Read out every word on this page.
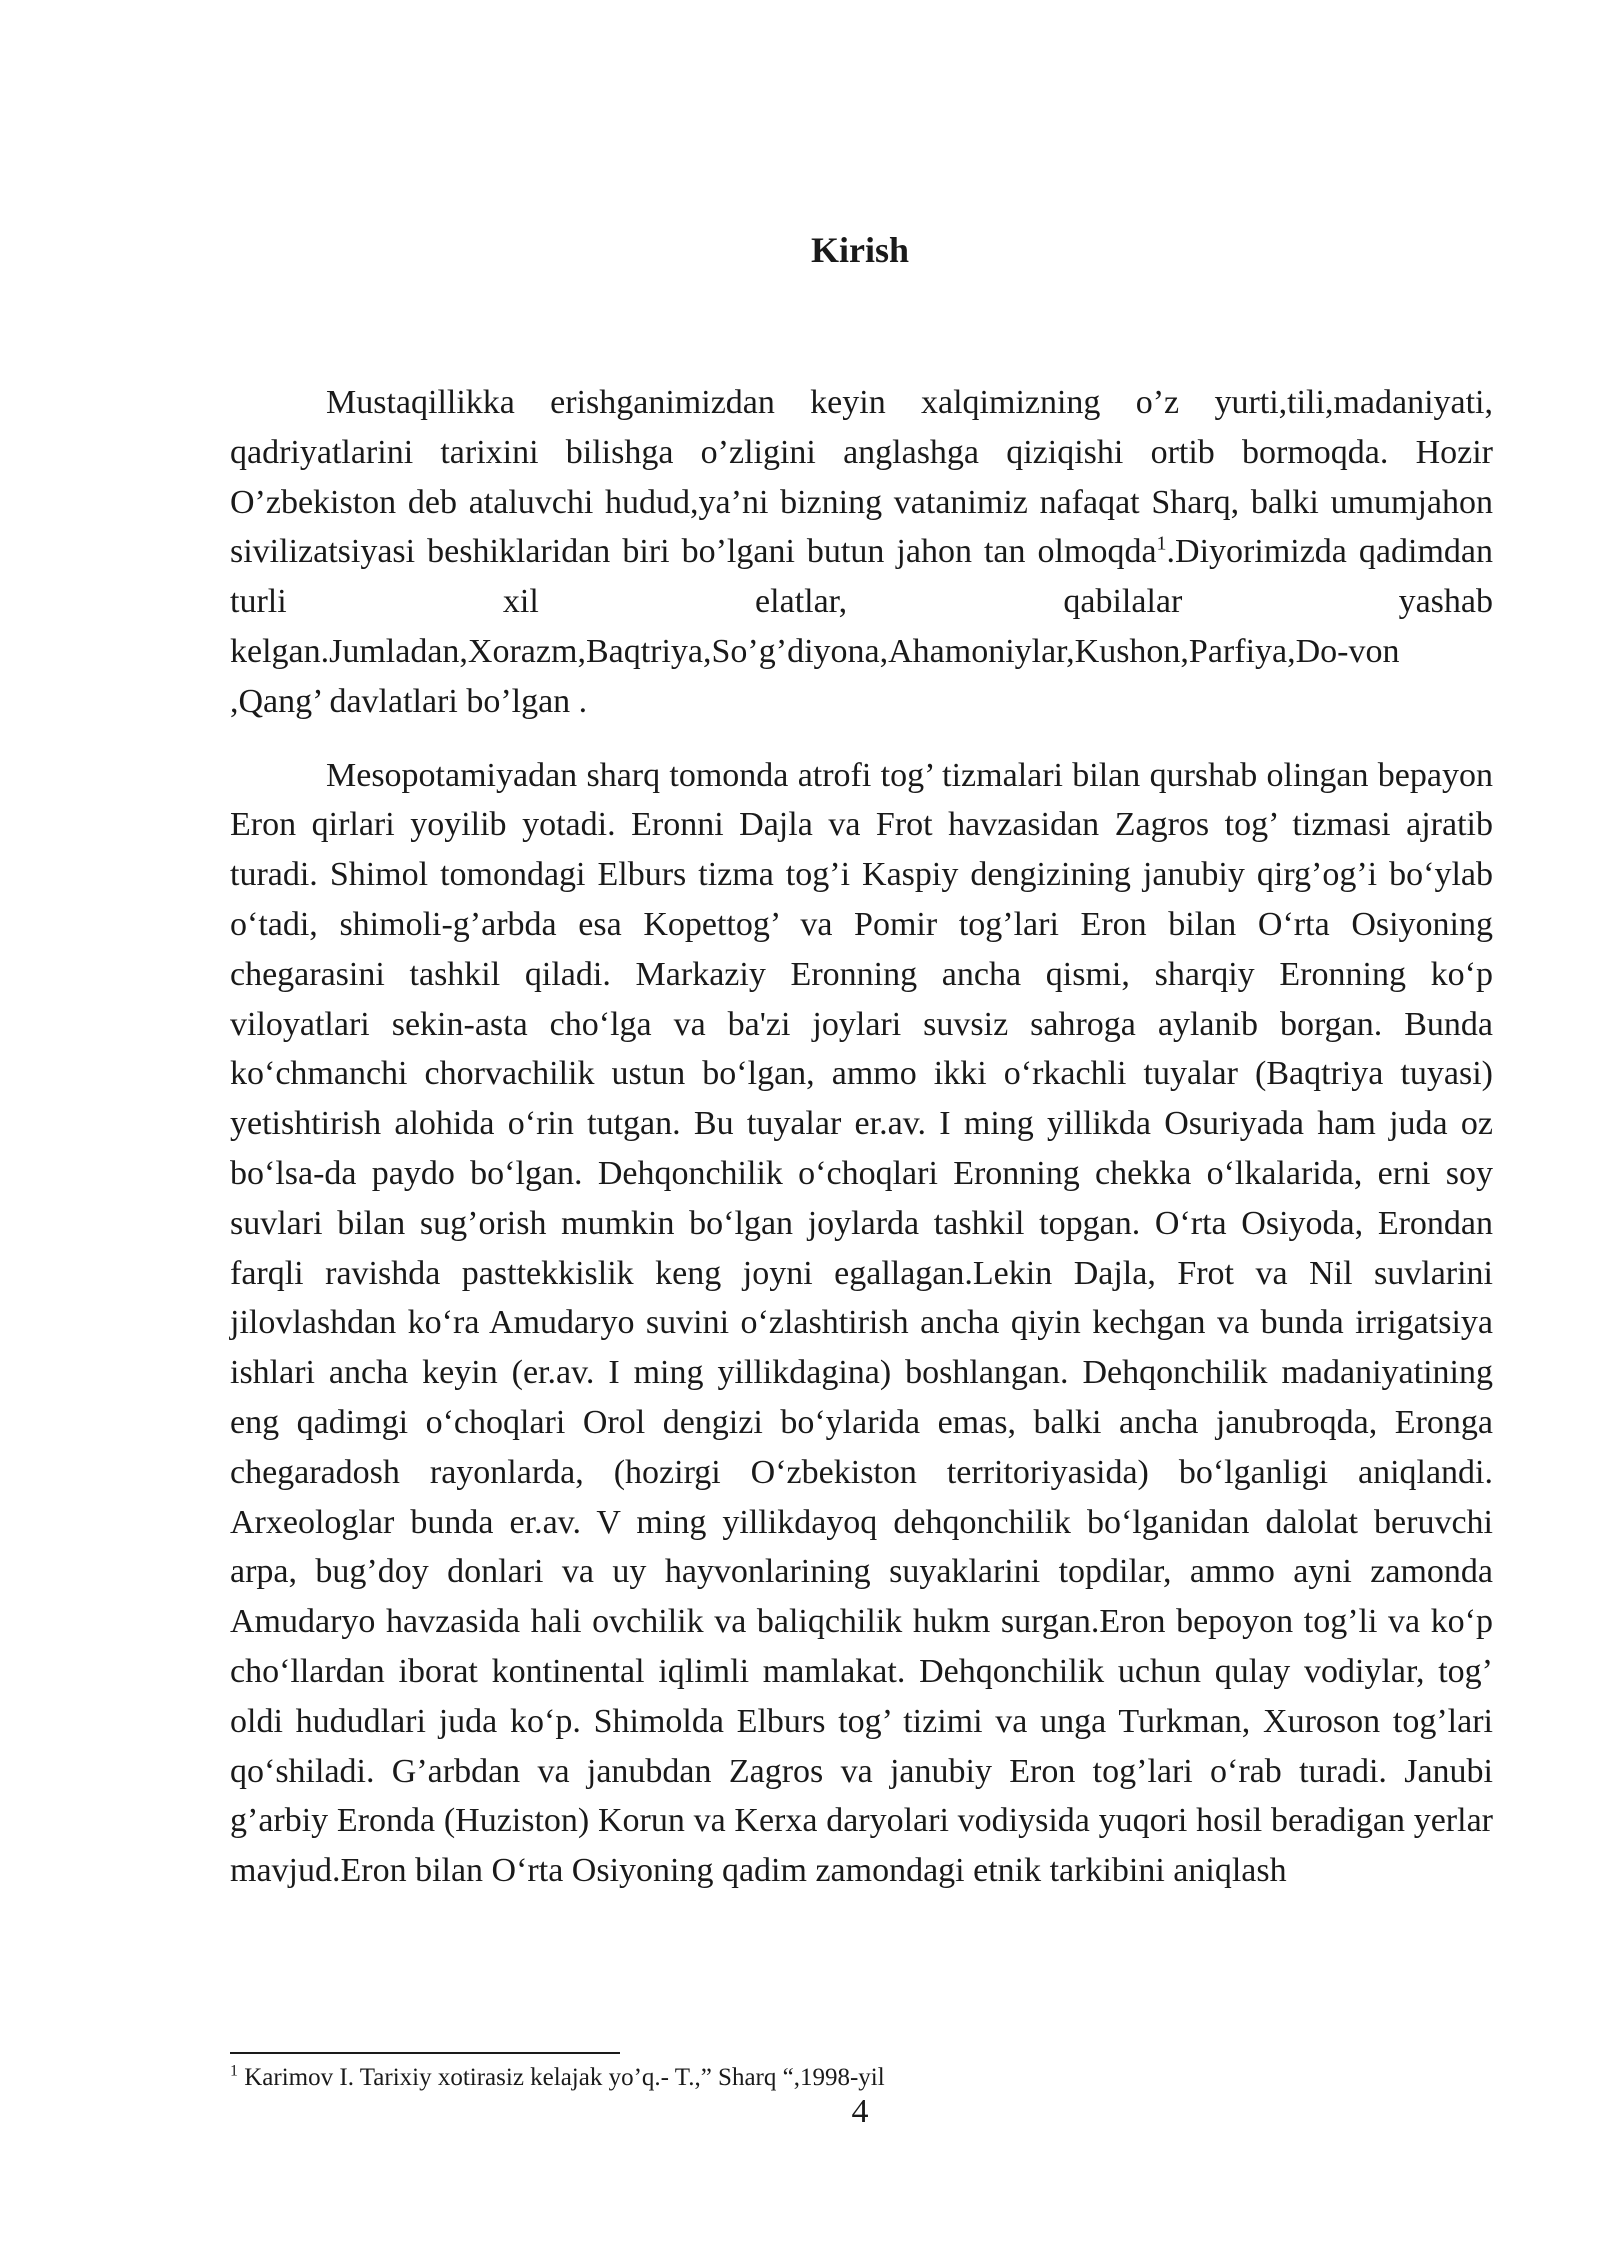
Kirish

Mustaqillikka erishganimizdan keyin xalqimizning o’z yurti,tili,madaniyati, qadriyatlarini tarixini bilishga o’zligini anglashga qiziqishi ortib bormoqda. Hozir O’zbekiston deb ataluvchi hudud,ya’ni bizning vatanimiz nafaqat Sharq, balki umumjahon sivilizatsiyasi beshiklaridan biri bo’lgani butun jahon tan olmoqda$^1$.Diyorimizda qadimdan turli xil elatlar, qabilalar yashab kelgan.Jumladan,Xorazm,Baqtriya,So’g’diyona,Ahamoniylar,Kushon,Parfiya,Do-von ,Qang’ davlatlari bo’lgan .

Mesopotamiyadan sharq tomonda atrofi tog’ tizmalari bilan qurshab olingan bepayon Eron qirlari yoyilib yotadi. Eronni Dajla va Frot havzasidan Zagros tog’ tizmasi ajratib turadi. Shimol tomondagi Elburs tizma tog’i Kaspiy dengizining janubiy qirg’og’i bo‘ylab o‘tadi, shimoli-g’arbda esa Kopettog’ va Pomir tog’lari Eron bilan O‘rta Osiyoning chegarasini tashkil qiladi. Markaziy Eronning ancha qismi, sharqiy Eronning ko‘p viloyatlari sekin-asta cho‘lga va ba'zi joylari suvsiz sahroga aylanib borgan. Bunda ko‘chmanchi chorvachilik ustun bo‘lgan, ammo ikki o‘rkachli tuyalar (Baqtriya tuyasi) yetishtirish alohida o‘rin tutgan. Bu tuyalar er.av. I ming yillikda Osuriyada ham juda oz bo‘lsa-da paydo bo‘lgan. Dehqonchilik o‘choqlari Eronning chekka o‘lkalarida, erni soy suvlari bilan sug’orish mumkin bo‘lgan joylarda tashkil topgan. O‘rta Osiyoda, Erondan farqli ravishda pasttekkislik keng joyni egallagan.Lekin Dajla, Frot va Nil suvlarini jilovlashdan ko‘ra Amudaryo suvini o‘zlashtirish ancha qiyin kechgan va bunda irrigatsiya ishlari ancha keyin (er.av. I ming yillikdagina) boshlangan. Dehqonchilik madaniyatining eng qadimgi o‘choqlari Orol dengizi bo‘ylarida emas, balki ancha janubroqda, Eronga chegaradosh rayonlarda, (hozirgi O‘zbekiston territoriyasida) bo‘lganligi aniqlandi. Arxeologlar bunda er.av. V ming yillikdayoq dehqonchilik bo‘lganidan dalolat beruvchi arpa, bug’doy donlari va uy hayvonlarining suyaklarini topdilar, ammo ayni zamonda Amudaryo havzasida hali ovchilik va baliqchilik hukm surgan.Eron bepoyon tog’li va ko‘p cho‘llardan iborat kontinental iqlimli mamlakat. Dehqonchilik uchun qulay vodiylar, tog’ oldi hududlari juda ko‘p. Shimolda Elburs tog’ tizimi va unga Turkman, Xuroson tog’lari qo‘shiladi. G’arbdan va janubdan Zagros va janubiy Eron tog’lari o‘rab turadi. Janubi g’arbiy Eronda (Huziston) Korun va Kerxa daryolari vodiysida yuqori hosil beradigan yerlar mavjud.Eron bilan O‘rta Osiyoning qadim zamondagi etnik tarkibini aniqlash

$^1$ Karimov I. Tarixiy xotirasiz kelajak yo’q.- T.,” Sharq “,1998-yil

4
